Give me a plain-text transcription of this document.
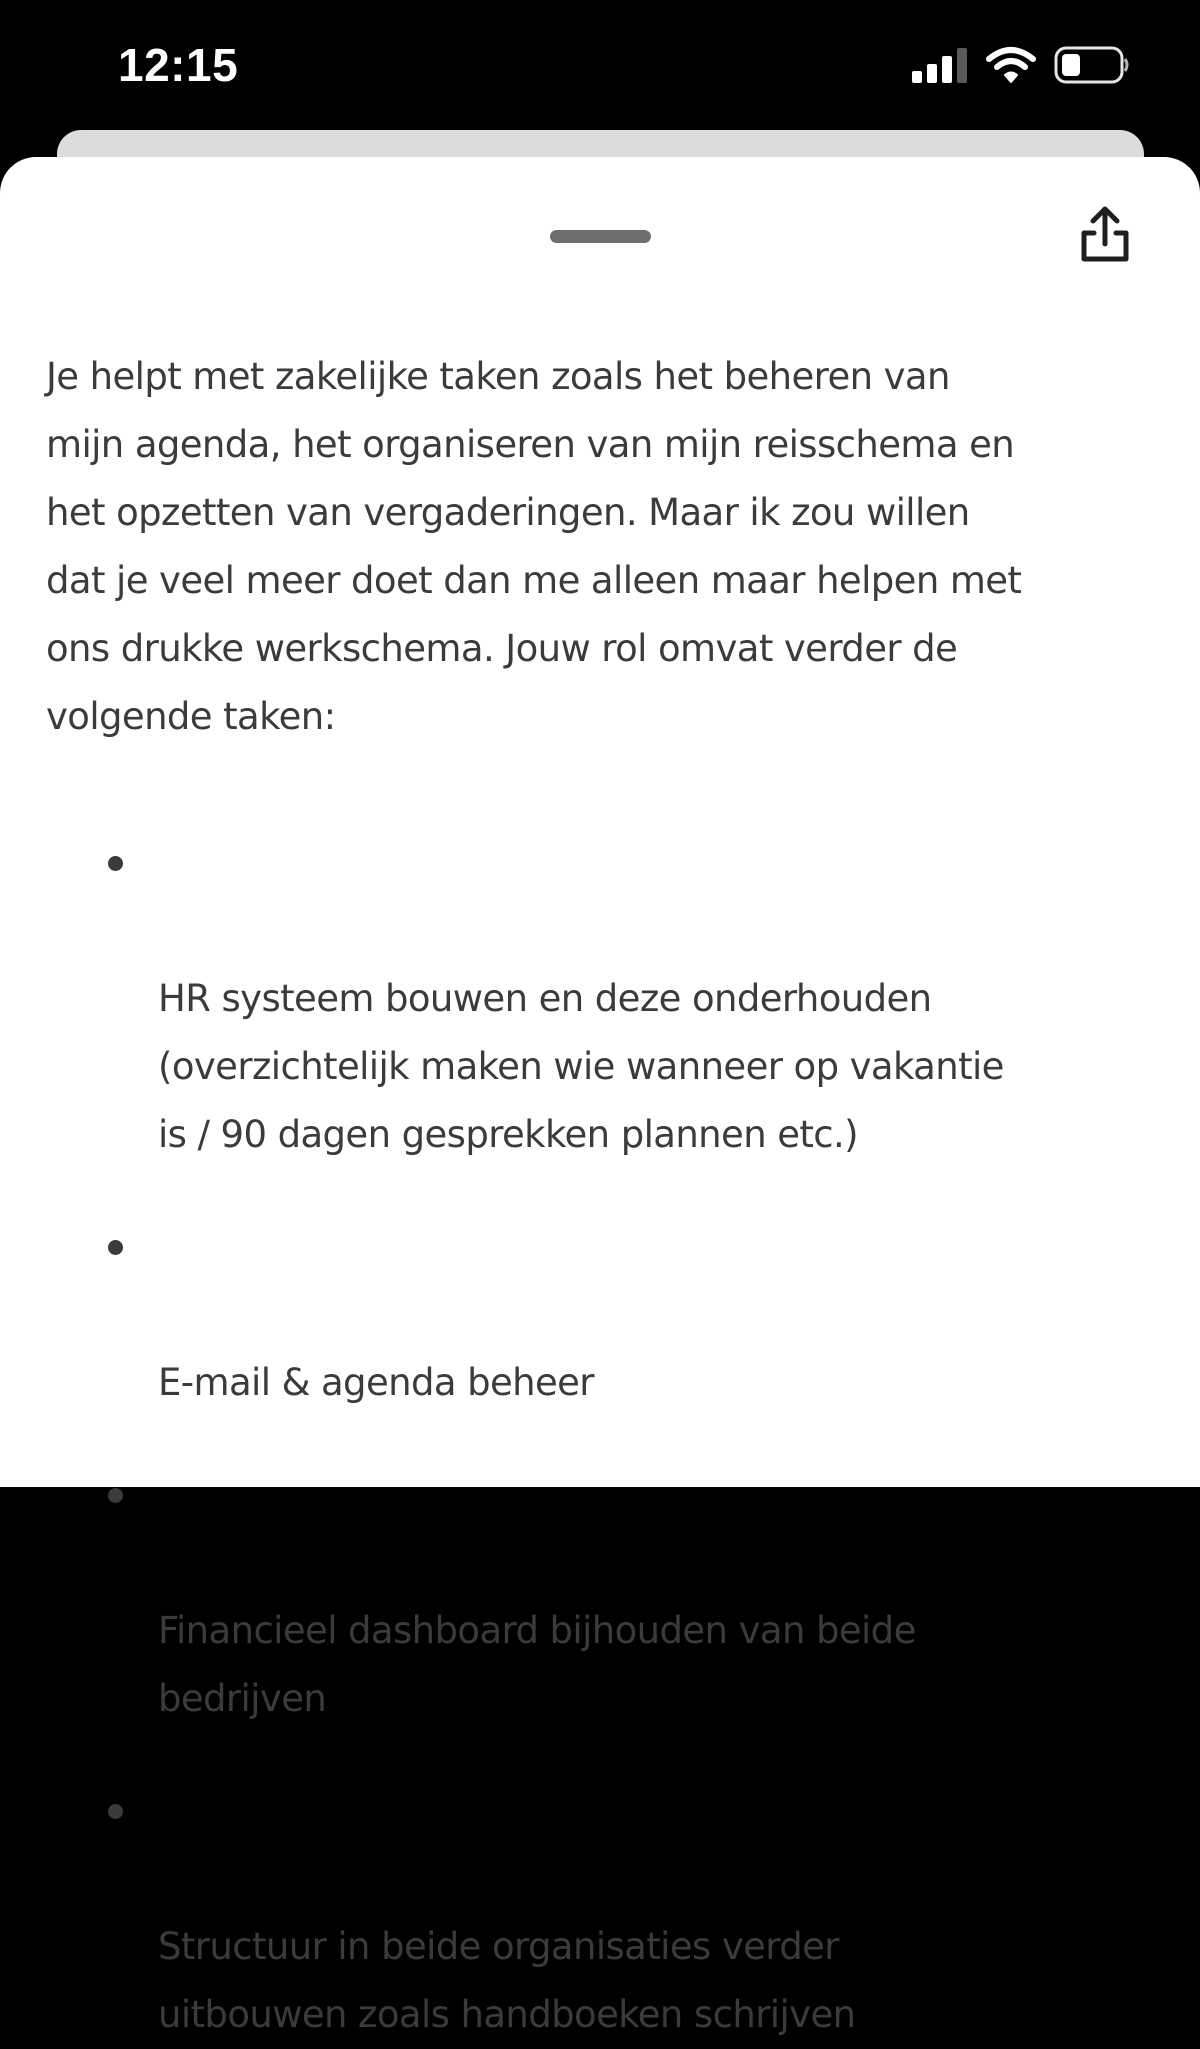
12:15

Je helpt met zakelijke taken zoals het beheren van
mijn agenda, het organiseren van mijn reisschema en
het opzetten van vergaderingen. Maar ik zou willen
dat je veel meer doet dan me alleen maar helpen met
ons drukke werkschema. Jouw rol omvat verder de
volgende taken:

HR systeem bouwen en deze onderhouden
(overzichtelijk maken wie wanneer op vakantie
is / 90 dagen gesprekken plannen etc.)

E-mail & agenda beheer

Financieel dashboard bijhouden van beide
bedrijven

Structuur in beide organisaties verder
uitbouwen zoals handboeken schrijven
